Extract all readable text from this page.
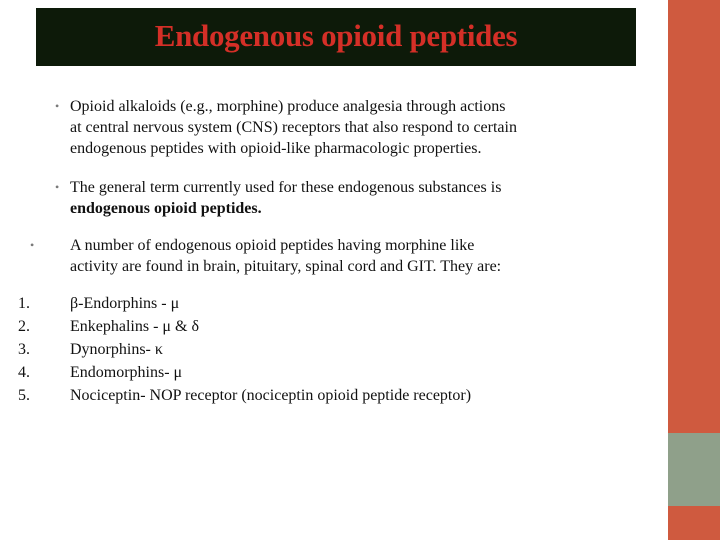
Endogenous opioid peptides
• Opioid alkaloids (e.g., morphine) produce analgesia through actions
at central nervous system (CNS) receptors that also respond to certain
endogenous peptides with opioid-like pharmacologic properties.
• The general term currently used for these endogenous substances is
endogenous opioid peptides.
• A number of endogenous opioid peptides having morphine like
activity are found in brain, pituitary, spinal cord and GIT. They are:
1.	β-Endorphins - μ
2.	Enkephalins - μ & δ
3.	Dynorphins- κ
4.	Endomorphins- μ
5.	Nociceptin- NOP receptor (nociceptin opioid peptide receptor)
